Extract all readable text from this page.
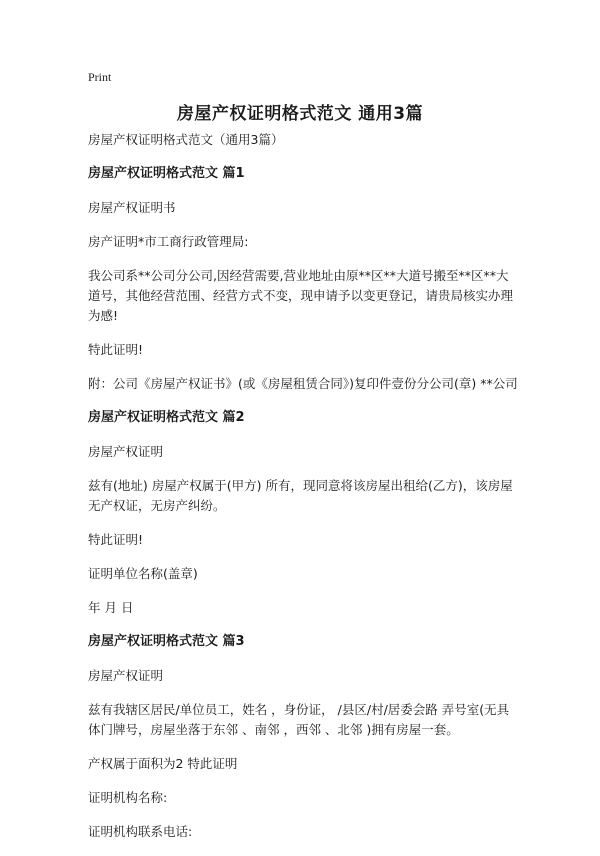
Print
房屋产权证明格式范文 通用3篇
房屋产权证明格式范文（通用3篇）
房屋产权证明格式范文 篇1
房屋产权证明书
房产证明*市工商行政管理局:
我公司系**公司分公司,因经营需要,营业地址由原**区**大道号搬至**区**大道号，其他经营范围、经营方式不变，现申请予以变更登记，请贵局核实办理为感!
特此证明!
附：公司《房屋产权证书》(或《房屋租赁合同》)复印件壹份分公司(章) **公司
房屋产权证明格式范文 篇2
房屋产权证明
兹有(地址) 房屋产权属于(甲方) 所有，现同意将该房屋出租给(乙方)，该房屋无产权证，无房产纠纷。
特此证明!
证明单位名称(盖章)
年 月 日
房屋产权证明格式范文 篇3
房屋产权证明
兹有我辖区居民/单位员工，姓名 ，身份证， /县区/村/居委会路 弄号室(无具体门牌号，房屋坐落于东邻 、南邻 ，西邻 、北邻 )拥有房屋一套。
产权属于面积为2 特此证明
证明机构名称:
证明机构联系电话:
